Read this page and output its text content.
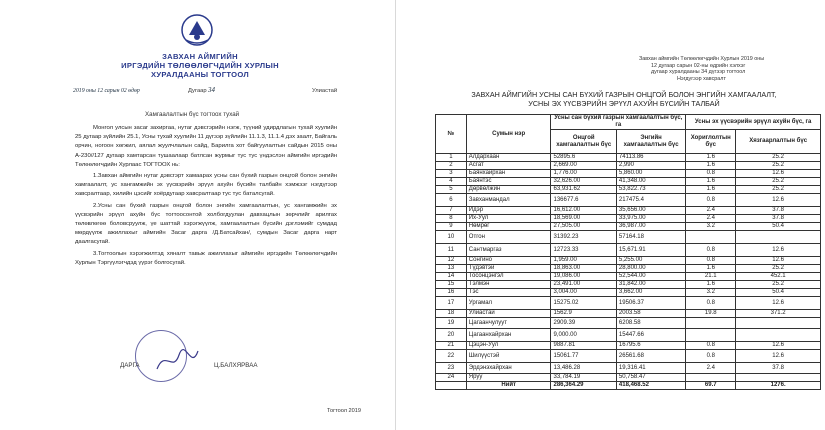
ЗАВХАН АЙМГИЙН
ИРГЭДИЙН ТӨЛӨӨЛӨГЧДИЙН ХУРЛЫН
ХУРАЛДААНЫ ТОГТООЛ
2019 оны 12 сарын 02 өдөр	Дугаар 34	Улиастай
Хамгаалалтын бүс тогтоох тухай

Монгол улсын засаг захиргаа, нутаг дэвсгэрийн нэгж, түүний удирдлагын тухай хуулийн 25 дугаар зүйлийн 25.1, Усны тухай хуулийн 11 дүгээр зүйлийн 11.1.3, 11.1.4 дэх заалт, Байгаль орчин, ногоон хөгжил, аялал жуулчлалын сайд, Барилга хот байгуулалтын сайдын 2015 оны А-230//127 дугаар хамтарсан тушаалаар батлсан журмыг тус тус үндэслэн аймгийн иргэдийн Төлөөлөгчдийн Хурлаас ТОГТООХ нь:

1.Завхан аймгийн нутаг дэвсгэрт хамаарах усны сан бүхий газрын онцгой болон энгийн хамгаалалт, ус хангамжийн эх үүсвэрийн эрүүл ахуйн бүсийн талбайн хэмжээг нэгдүгээр хавсралтаар, хилийн цэсийг хоёрдугаар хавсралтаар тус тус баталсугай.

2.Усны сан бүхий газрын онцгой болон энгийн хамгаалалтын, ус хангамжийн эх үүсвэрийн эрүүл ахуйн бүс тогтоосонтой холбогдуулан давхацлын зөрчлийг арилгах төлөвлөгөө боловсруулж, үе шаттай хэрэгжүүлж, хамгаалалтын бүсийн дэглэмийг сумдад мөрдүүлж ажиллахыг аймгийн Засаг дарга /Д.Батсайхан/, сумдын Засаг дарга нарт даалгасугай.

3.Тогтоолын хэрэгжилтэд хяналт тавьж ажиллахыг аймгийн иргэдийн Төлөөлөгчдийн Хурлын Тэргүүлэгчдэд үүрэг болгосугай.

ДАРГА	Ц.БАЛХЯРВАА
Тогтоол 2019
Завхан аймгийн Төлөөлөгчдийн Хурлын 2019 оны
12 дугаар сарын 02-ны өдрийн хэлхэг
дугаар хуралдааны 34 дүгээр тогтоол
Нэгдүгээр хавсралт
ЗАВХАН АЙМГИЙН УСНЫ САН БҮХИЙ ГАЗРЫН ОНЦГОЙ БОЛОН ЭНГИЙН ХАМГААЛАЛТ,
УСНЫ ЭХ ҮҮСВЭРИЙН ЭРҮҮЛ АХУЙН БҮСИЙН ТАЛБАЙ
№	Сумын нэр	Усны сан бүхий газрын хамгаалалтын бүс, га		Усны эх үүсвэрийн эрүүл ахуйн бүс, га	
		Онцгой хамгаалалтын бүс	Энгийн хамгаалалтын бүс	Хориглолтын бүс	Хязгаарлалтын бүс
1	Алдархаан	52895.6	74113.86	1.6	25.2
2	Асгат	2,669.00	2,990	1.6	25.2
3	Баянхайрхан	1,776.00	5,860.00	0.8	12.6
4	Баянтэс	32,626.00	41,348.00	1.6	25.2
5	Дөрвөлжин	63,931.62	53,822.73	1.6	25.2
6	Завханмандал	136677.6	217475.4	0.8	12.6
7	Идэр	16,612.00	35,656.00	2.4	37.8
8	Их-Уул	18,569.00	33,975.00	2.4	37.8
9	Нөмрөг	27,505.00	36,987.00	3.2	50.4
10	Отгон	31392.23	57164.18		
11	Сантмаргаз	12723.33	15,671.91	0.8	12.6
12	Сонгино	1,959.00	5,255.00	0.8	12.6
13	Түдэвтэй	18,863.00	28,800.00	1.6	25.2
14	Тосонцэнгэл	19,086.00	52,544.00	21.1	452.1
15	Тэлмэн	23,491.00	31,842.00	1.6	25.2
16	Тэс	3,004.00	3,662.00	3.2	50.4
17	Ургамал	15275.02	19506.37	0.8	12.6
18	Улиастай	1562.9	2003.58	19.8	371.2
19	Цагаанчулуут	2909.39	6208.58		
20	Цагаанхайрхан	9,000.00	15447.66		
21	Цэцэн-Уул	9887.81	16795.6	0.8	12.6
22	Шилүүстэй	15061.77	26561.68	0.8	12.6
23	Эрдэнэхайрхан	13,486.28	19,316.41	2.4	37.8
24	Яруу	33,784.19	50,758.47		
	Нийт	286,364.29	418,468.52	69.7	1276.
